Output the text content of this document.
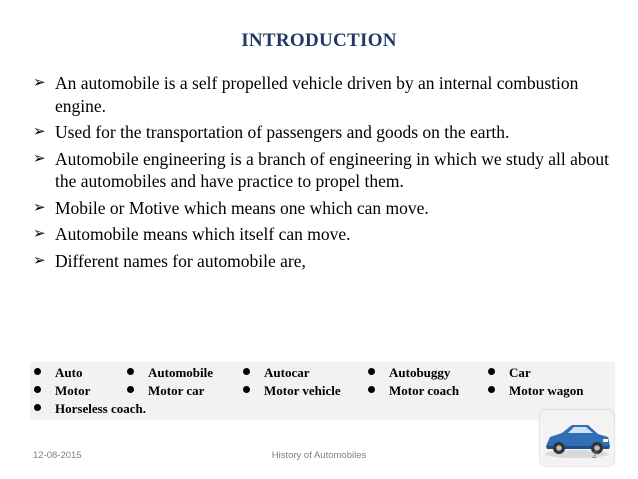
INTRODUCTION
➢ An automobile is a self propelled vehicle driven by an internal combustion engine.
➢ Used for the transportation of passengers and goods on the earth.
➢ Automobile engineering is a branch of engineering in which we study all about the automobiles and have practice to propel them.
➢ Mobile or Motive which means one which can move.
➢ Automobile means which itself can move.
➢ Different names for automobile are,
Auto	Automobile	Autocar	Autobuggy	Car
Motor	Motor car	Motor vehicle	Motor coach	Motor wagon
Horseless coach.
12-08-2015	History of Automobiles	2
